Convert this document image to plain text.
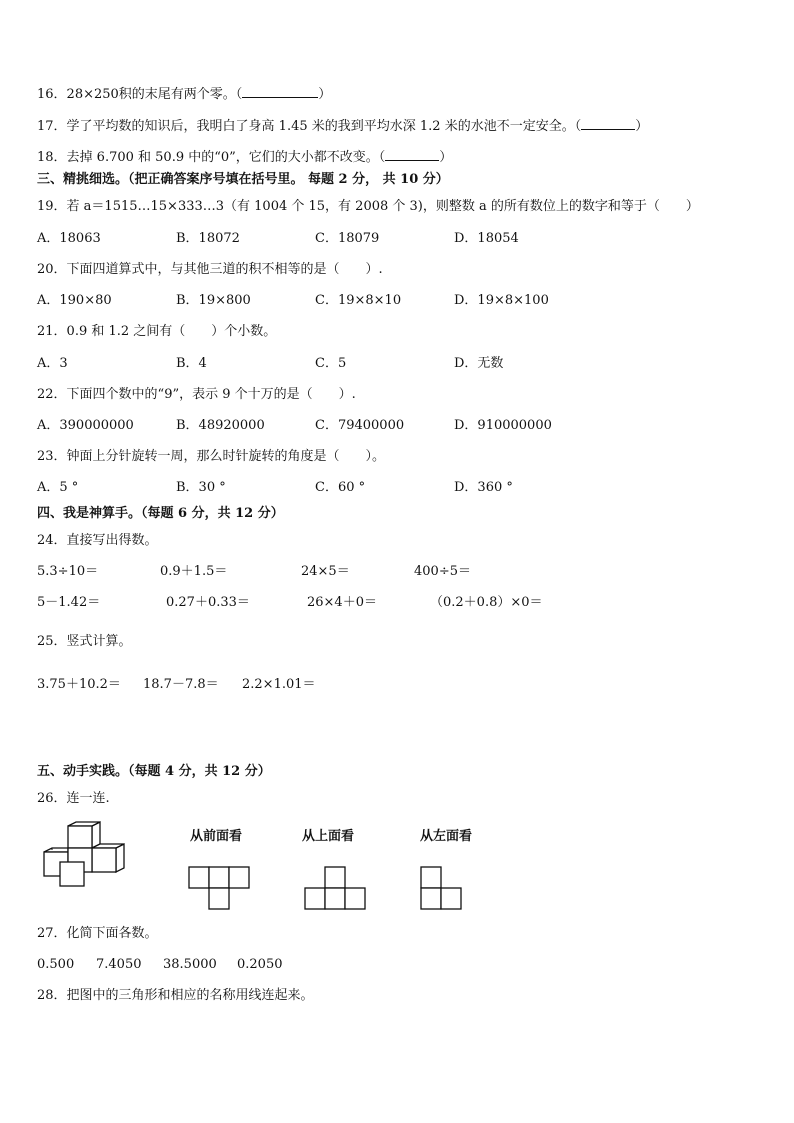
16．28×250积的末尾有两个零。（	）
17．学了平均数的知识后，我明白了身高 1.45 米的我到平均水深 1.2 米的水池不一定安全。（	）
18．去掉 6.700 和 50.9 中的“0”，它们的大小都不改变。（	）
三、精挑细选。（把正确答案序号填在括号里。 每题 2 分， 共 10 分）
19．若 a＝1515…15×333…3（有 1004 个 15，有 2008 个 3)，则整数 a 的所有数位上的数字和等于（　　）
A．18063	B．18072	C．18079	D．18054
20．下面四道算式中，与其他三道的积不相等的是（　　）.
A．190×80	B．19×800	C．19×8×10	D．19×8×100
21．0.9 和 1.2 之间有（　　）个小数。
A．3	B．4	C．5	D．无数
22．下面四个数中的“9”，表示 9 个十万的是（　　）.
A．390000000	B．48920000	C．79400000	D．910000000
23．钟面上分针旋转一周，那么时针旋转的角度是（　　）。
A．5 °	B．30 °	C．60 °	D．360 °
四、我是神算手。（每题 6 分，共 12 分）
24．直接写出得数。
5.3÷10＝	0.9＋1.5＝	24×5＝	400÷5＝
5－1.42＝	0.27＋0.33＝	26×4＋0＝	（0.2＋0.8）×0＝
25．竖式计算。
3.75＋10.2＝ 18.7－7.8＝ 2.2×1.01＝
五、动手实践。（每题 4 分，共 12 分）
26．连一连.
从前面看	从上面看	从左面看
27．化简下面各数。
0.500 7.4050 38.5000 0.2050
28．把图中的三角形和相应的名称用线连起来。
